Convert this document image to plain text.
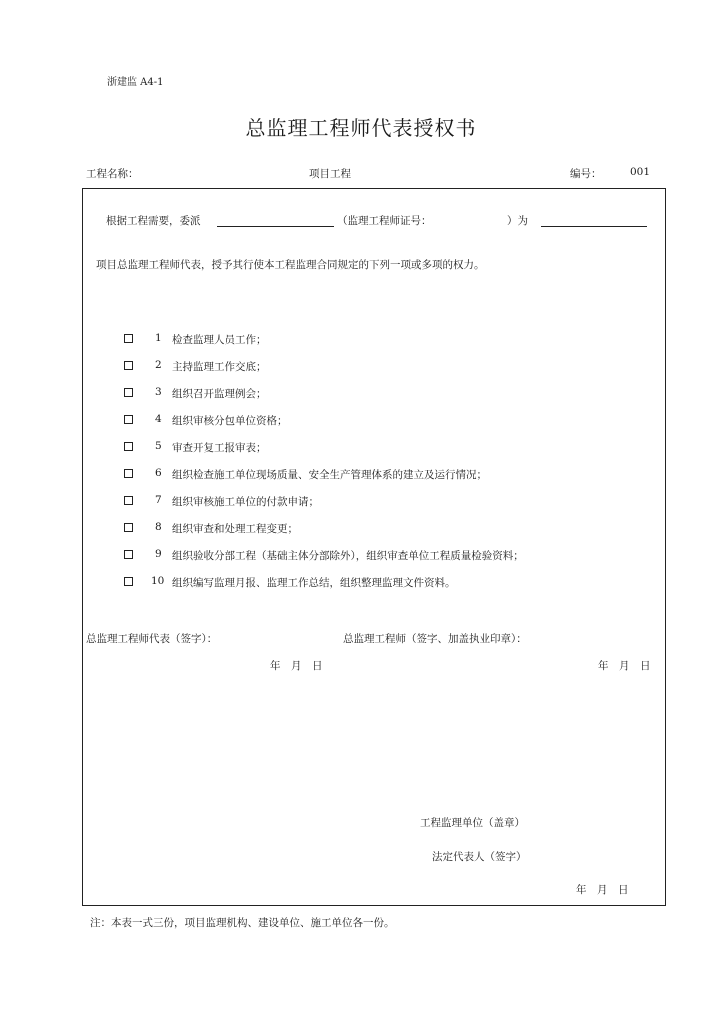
浙建监 A4-1
总监理工程师代表授权书
工程名称：	项目工程	编号：	001
根据工程需要，委派	（监理工程师证号：	）为
项目总监理工程师代表，授予其行使本工程监理合同规定的下列一项或多项的权力。
1 检查监理人员工作；
2 主持监理工作交底；
3 组织召开监理例会；
4 组织审核分包单位资格；
5 审查开复工报审表；
6 组织检查施工单位现场质量、安全生产管理体系的建立及运行情况；
7 组织审核施工单位的付款申请；
8 组织审查和处理工程变更；
9 组织验收分部工程（基础主体分部除外），组织审查单位工程质量检验资料；
10 组织编写监理月报、监理工作总结，组织整理监理文件资料。
总监理工程师代表（签字）：	总监理工程师（签字、加盖执业印章）：
年　月　日	年　月　日
工程监理单位（盖章）
法定代表人（签字）
年　月　日
注：本表一式三份，项目监理机构、建设单位、施工单位各一份。
